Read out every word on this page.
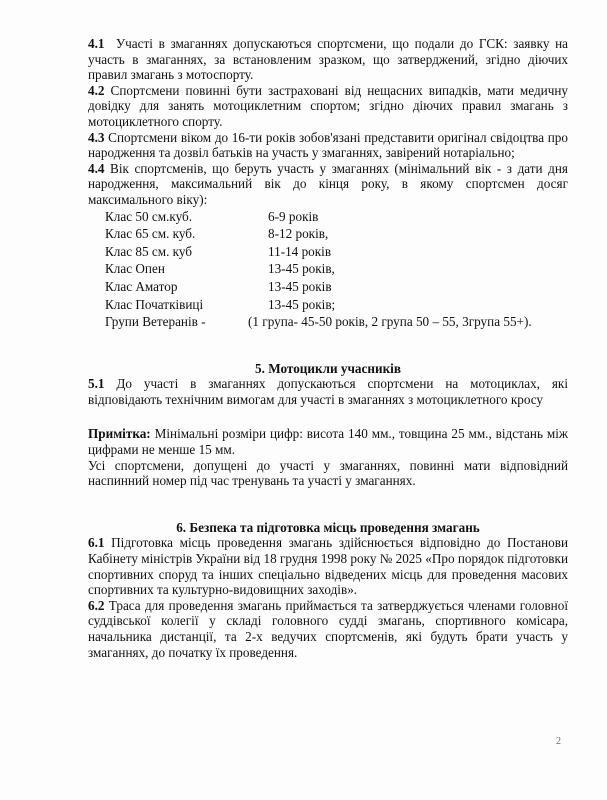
4.1 Участі в змаганнях допускаються спортсмени, що подали до ГСК: заявку на участь в змаганнях, за встановленим зразком, що затверджений, згідно діючих правил змагань з мотоспорту.

4.2 Спортсмени повинні бути застраховані від нещасних випадків, мати медичну довідку для занять мотоциклетним спортом; згідно діючих правил змагань з мотоциклетного спорту.

4.3 Спортсмени віком до 16-ти років зобов'язані представити оригінал свідоцтва про народження та дозвіл батьків на участь у змаганнях, завірений нотаріально;

4.4 Вік спортсменів, що беруть участь у змаганнях (мінімальний вік - з дати дня народження, максимальний вік до кінця року, в якому спортсмен досяг максимального віку):

Клас 50 см.куб.	6-9 років
Клас 65 см. куб.	8-12 років,
Клас 85 см. куб	11-14 років
Клас Опен	13-45 років,
Клас Аматор	13-45 років
Клас Початківиці	13-45 років;
Групи Ветеранів -	(1 група- 45-50 років, 2 група 50 – 55, 3група 55+).

5. Мотоцикли учасників

5.1 До участі в змаганнях допускаються спортсмени на мотоциклах, які відповідають технічним вимогам для участі в змаганнях з мотоциклетного кросу

Примітка: Мінімальні розміри цифр: висота 140 мм., товщина 25 мм., відстань між цифрами не менше 15 мм.

Усі спортсмени, допущені до участі у змаганнях, повинні мати відповідний наспинний номер під час тренувань та участі у змаганнях.

6. Безпека та підготовка місць проведення змагань

6.1 Підготовка місць проведення змагань здійснюється відповідно до Постанови Кабінету міністрів України від 18 грудня 1998 року № 2025 «Про порядок підготовки спортивних споруд та інших спеціально відведених місць для проведення масових спортивних та культурно-видовищних заходів».

6.2 Траса для проведення змагань приймається та затверджується членами головної суддівської колегії у складі головного судді змагань, спортивного комісара, начальника дистанції, та 2-х ведучих спортсменів, які будуть брати участь у змаганнях, до початку їх проведення.

2
